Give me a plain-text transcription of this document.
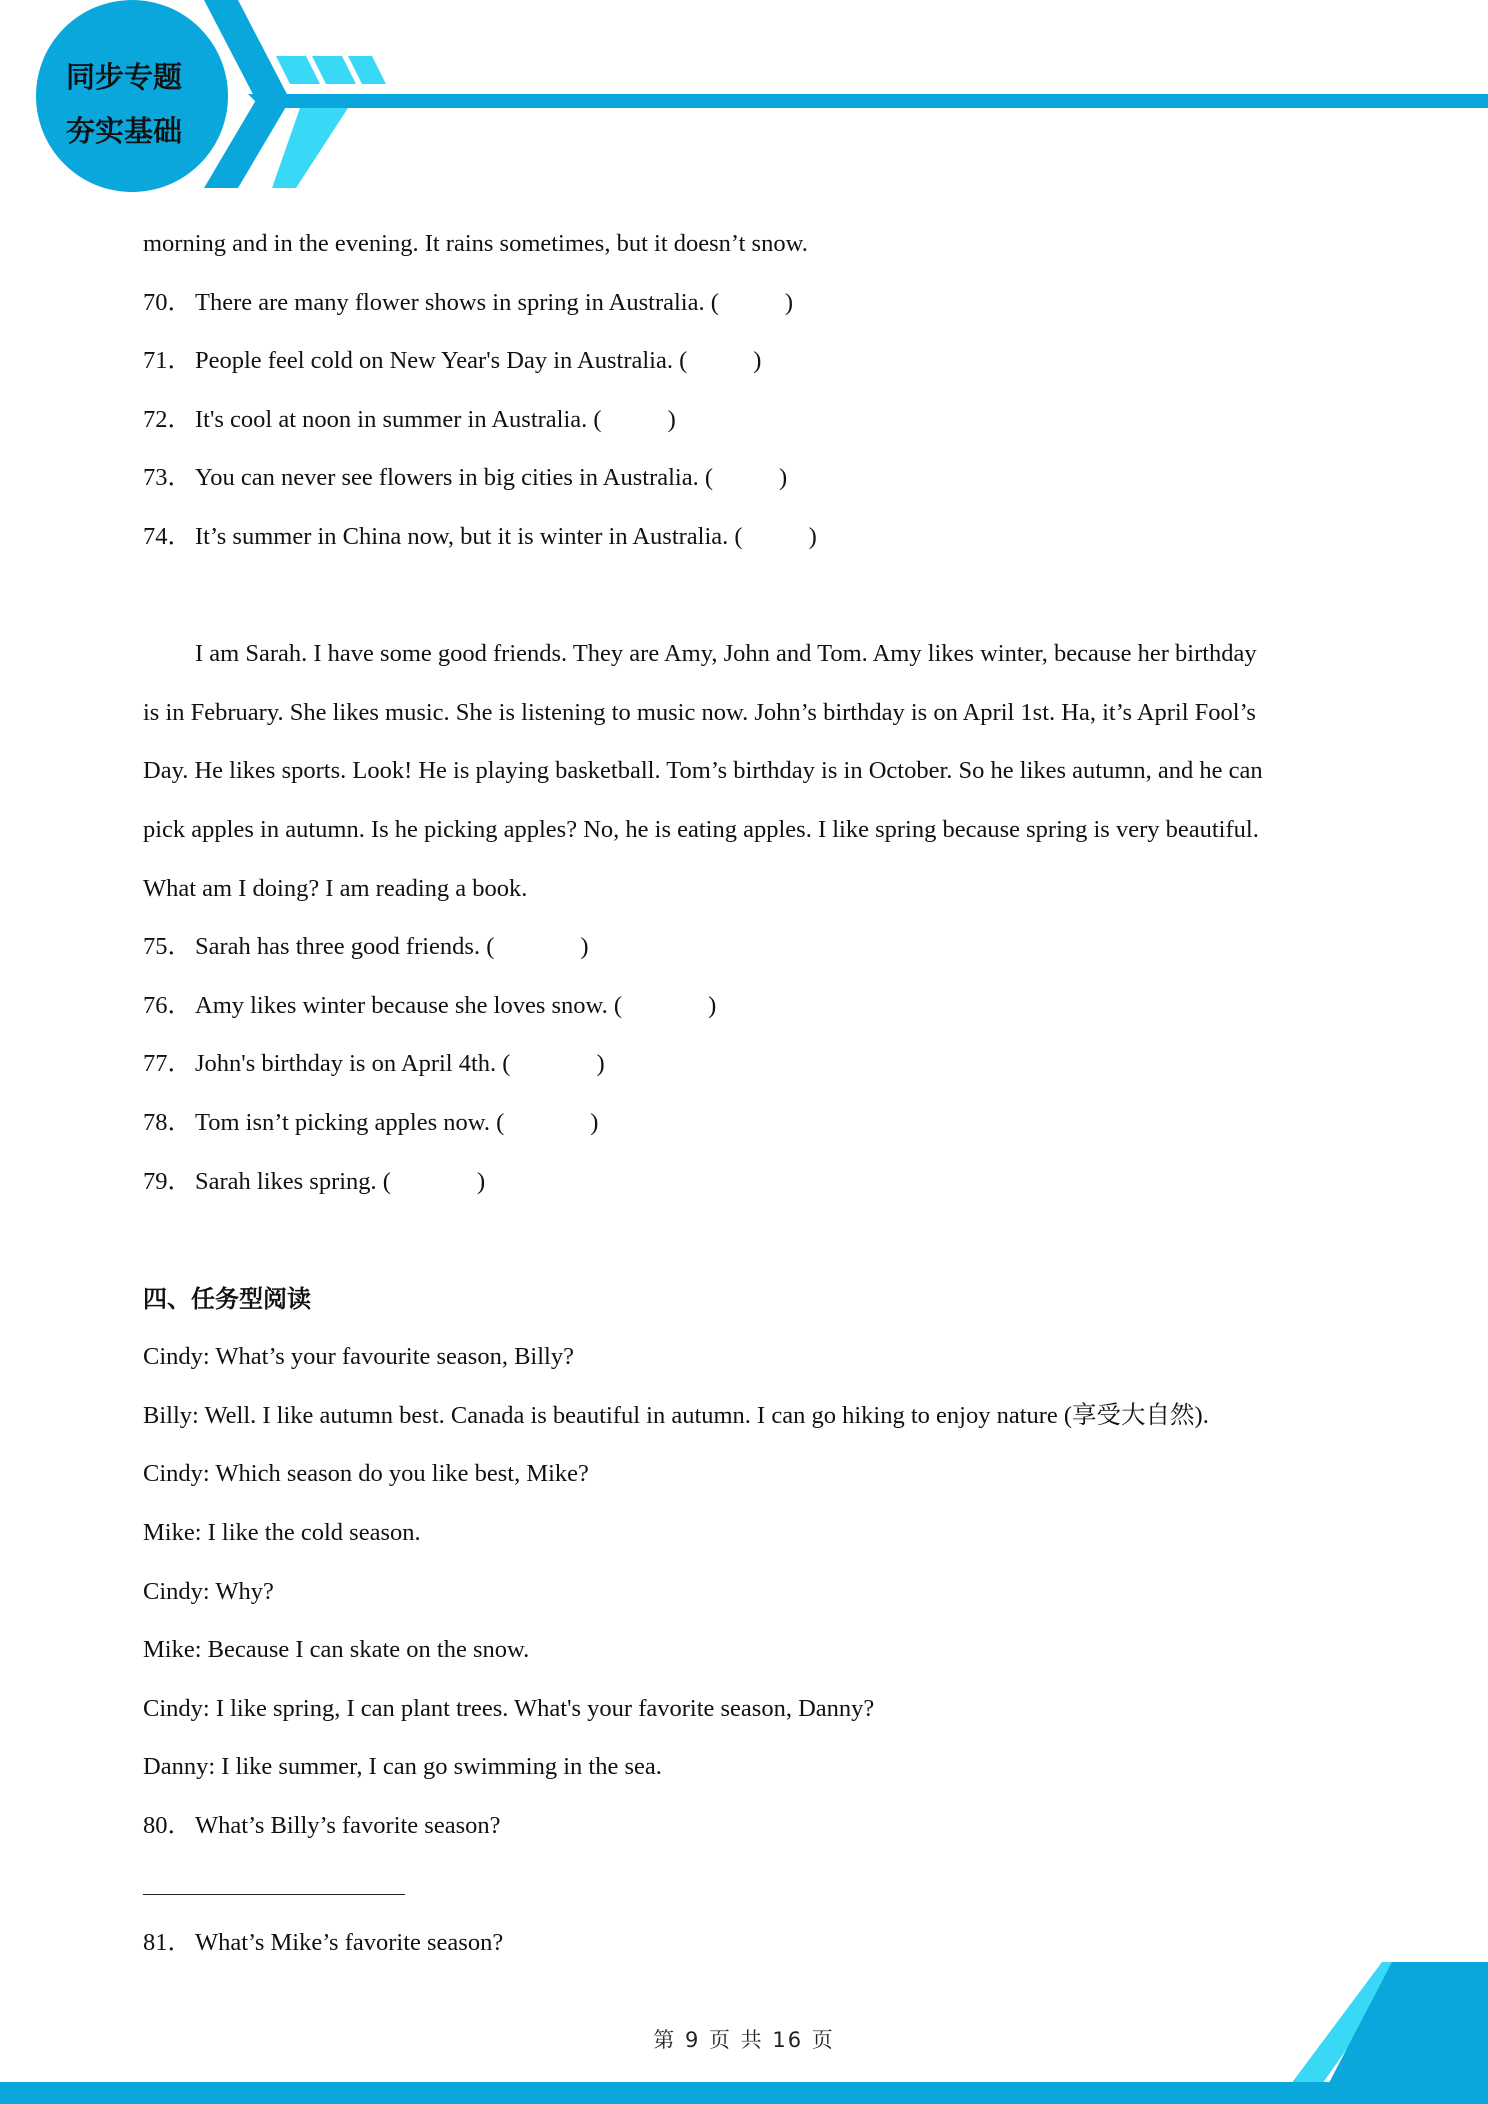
同步专题
夯实基础
morning and in the evening. It rains sometimes, but it doesn’t snow.
70． There are many flower shows in spring in Australia. (	)
71． People feel cold on New Year's Day in Australia. (	)
72． It's cool at noon in summer in Australia. (	)
73． You can never see flowers in big cities in Australia. (	)
74． It’s summer in China now, but it is winter in Australia. (	)
I am Sarah. I have some good friends. They are Amy, John and Tom. Amy likes winter, because her birthday
is in February. She likes music. She is listening to music now. John’s birthday is on April 1st. Ha, it’s April Fool’s
Day. He likes sports. Look! He is playing basketball. Tom’s birthday is in October. So he likes autumn, and he can
pick apples in autumn. Is he picking apples? No, he is eating apples. I like spring because spring is very beautiful.
What am I doing? I am reading a book.
75． Sarah has three good friends. (	)
76． Amy likes winter because she loves snow. (	)
77． John's birthday is on April 4th. (	)
78． Tom isn’t picking apples now. (	)
79． Sarah likes spring. (	)
四、任务型阅读
Cindy: What’s your favourite season, Billy?
Billy: Well. I like autumn best. Canada is beautiful in autumn. I can go hiking to enjoy nature (享受大自然).
Cindy: Which season do you like best, Mike?
Mike: I like the cold season.
Cindy: Why?
Mike: Because I can skate on the snow.
Cindy: I like spring, I can plant trees. What's your favorite season, Danny?
Danny: I like summer, I can go swimming in the sea.
80． What’s Billy’s favorite season?
81． What’s Mike’s favorite season?
第 9 页 共 16 页
